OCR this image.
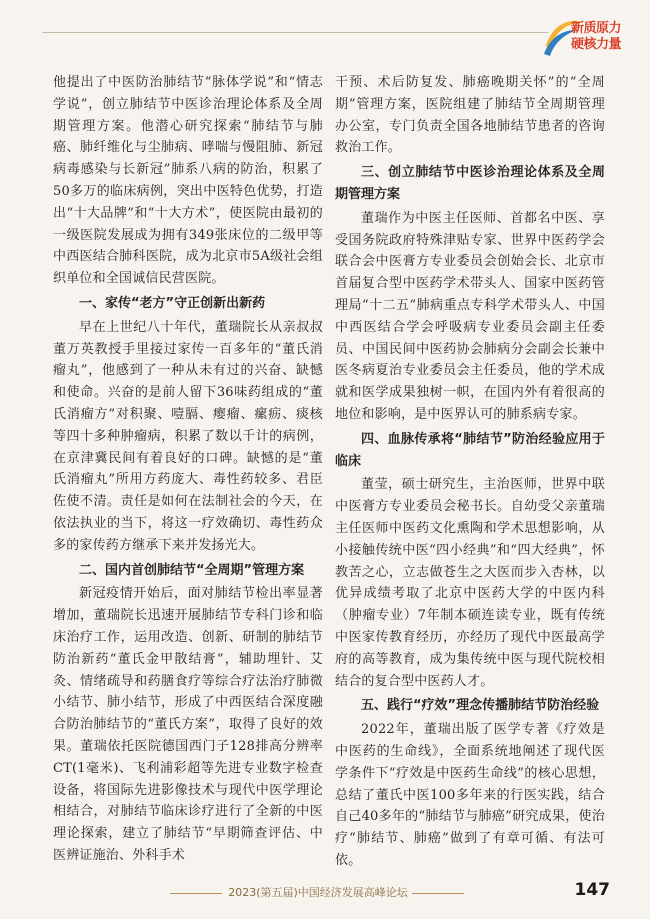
新质原力
硬核力量

他提出了中医防治肺结节“脉体学说”和“情志学说”，创立肺结节中医诊治理论体系及全周期管理方案。他潜心研究探索“肺结节与肺癌、肺纤维化与尘肺病、哮喘与慢阻肺、新冠病毒感染与长新冠”肺系八病的防治，积累了50多万的临床病例，突出中医特色优势，打造出“十大品牌”和“十大方术”，使医院由最初的一级医院发展成为拥有349张床位的二级甲等中西医结合肺科医院，成为北京市5A级社会组织单位和全国诚信民营医院。

一、家传“老方”守正创新出新药

早在上世纪八十年代，董瑞院长从亲叔叔董万英教授手里接过家传一百多年的“董氏消瘤丸”，他感到了一种从未有过的兴奋、缺憾和使命。兴奋的是前人留下36味药组成的“董氏消瘤方”对积聚、噎膈、瘿瘤、瘰疬、痰核等四十多种肿瘤病，积累了数以千计的病例，在京津冀民间有着良好的口碑。缺憾的是“董氏消瘤丸”所用方药庞大、毒性药较多、君臣佐使不清。责任是如何在法制社会的今天，在依法执业的当下，将这一疗效确切、毒性药众多的家传药方继承下来并发扬光大。

二、国内首创肺结节“全周期”管理方案

新冠疫情开始后，面对肺结节检出率显著增加，董瑞院长迅速开展肺结节专科门诊和临床治疗工作，运用改造、创新、研制的肺结节防治新药“董氏金甲散结膏”，辅助埋针、艾灸、情绪疏导和药膳食疗等综合疗法治疗肺微小结节、肺小结节，形成了中西医结合深度融合防治肺结节的“董氏方案”，取得了良好的效果。董瑞依托医院德国西门子128排高分辨率CT(1毫米)、飞利浦彩超等先进专业数字检查设备，将国际先进影像技术与现代中医学理论相结合，对肺结节临床诊疗进行了全新的中医理论探索，建立了肺结节“早期筛查评估、中医辨证施治、外科手术

干预、术后防复发、肺癌晚期关怀”的“全周期”管理方案，医院组建了肺结节全周期管理办公室，专门负责全国各地肺结节患者的咨询救治工作。

三、创立肺结节中医诊治理论体系及全周期管理方案

董瑞作为中医主任医师、首都名中医、享受国务院政府特殊津贴专家、世界中医药学会联合会中医膏方专业委员会创始会长、北京市首届复合型中医药学术带头人、国家中医药管理局“十二五”肺病重点专科学术带头人、中国中西医结合学会呼吸病专业委员会副主任委员、中国民间中医药协会肺病分会副会长兼中医冬病夏治专业委员会主任委员，他的学术成就和医学成果独树一帜，在国内外有着很高的地位和影响，是中医界认可的肺系病专家。

四、血脉传承将“肺结节”防治经验应用于临床

董莹，硕士研究生，主治医师，世界中联中医膏方专业委员会秘书长。自幼受父亲董瑞主任医师中医药文化熏陶和学术思想影响，从小接触传统中医“四小经典”和“四大经典”，怀教苦之心，立志做苍生之大医而步入杏林，以优异成绩考取了北京中医药大学的中医内科（肿瘤专业）7年制本硕连读专业，既有传统中医家传教育经历，亦经历了现代中医最高学府的高等教育，成为集传统中医与现代院校相结合的复合型中医药人才。

五、践行“疗效”理念传播肺结节防治经验

2022年，董瑞出版了医学专著《疗效是中医药的生命线》，全面系统地阐述了现代医学条件下“疗效是中医药生命线”的核心思想，总结了董氏中医100多年来的行医实践，结合自己40多年的“肺结节与肺癌”研究成果，使治疗“肺结节、肺癌”做到了有章可循、有法可依。

2023(第五届)中国经济发展高峰论坛	147
